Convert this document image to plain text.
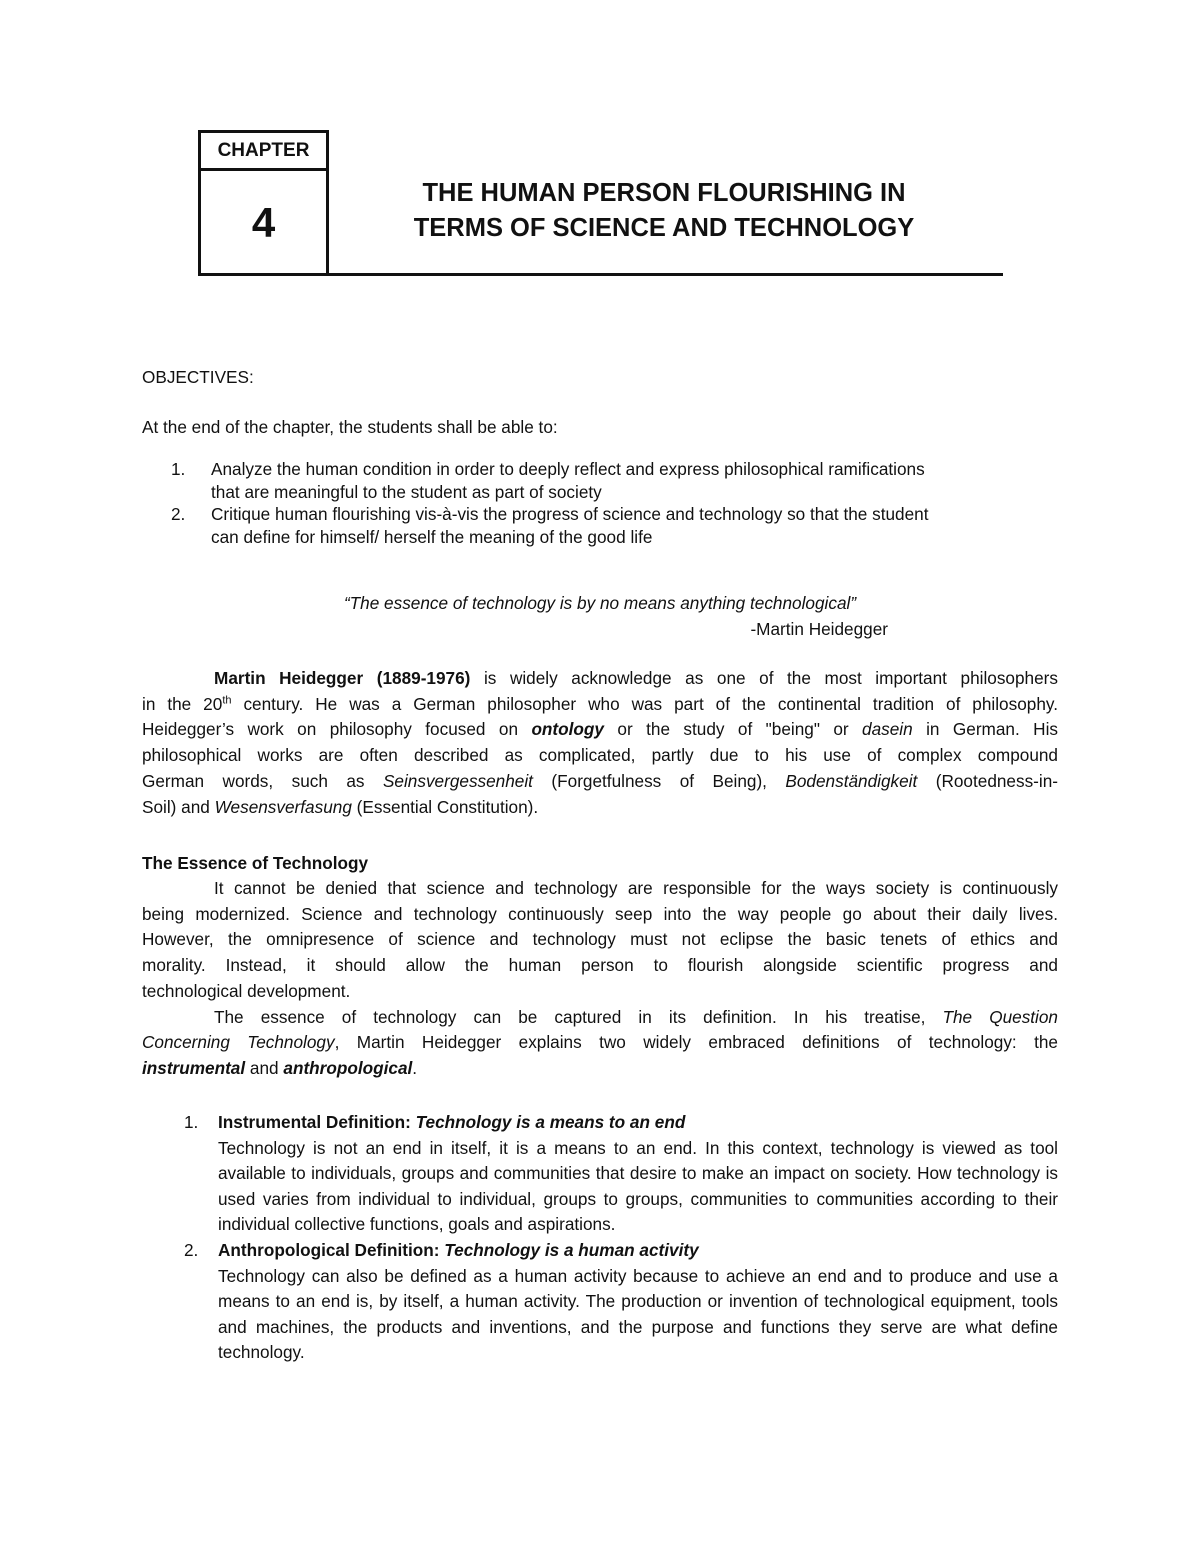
CHAPTER
4
THE HUMAN PERSON FLOURISHING IN
TERMS OF SCIENCE AND TECHNOLOGY
OBJECTIVES:
At the end of the chapter, the students shall be able to:
1. Analyze the human condition in order to deeply reflect and express philosophical ramifications
that are meaningful to the student as part of society
2. Critique human flourishing vis-à-vis the progress of science and technology so that the student
can define for himself/ herself the meaning of the good life
“The essence of technology is by no means anything technological”
-Martin Heidegger
Martin Heidegger (1889-1976) is widely acknowledge as one of the most important philosophers
in the 20th century. He was a German philosopher who was part of the continental tradition of philosophy.
Heidegger’s work on philosophy focused on ontology or the study of "being" or dasein in German. His
philosophical works are often described as complicated, partly due to his use of complex compound
German words, such as Seinsvergessenheit (Forgetfulness of Being), Bodenständigkeit (Rootedness-in-
Soil) and Wesensverfasung (Essential Constitution).
The Essence of Technology
It cannot be denied that science and technology are responsible for the ways society is continuously
being modernized. Science and technology continuously seep into the way people go about their daily lives.
However, the omnipresence of science and technology must not eclipse the basic tenets of ethics and
morality. Instead, it should allow the human person to flourish alongside scientific progress and
technological development.
The essence of technology can be captured in its definition. In his treatise, The Question
Concerning Technology, Martin Heidegger explains two widely embraced definitions of technology: the
instrumental and anthropological.
1. Instrumental Definition: Technology is a means to an end
Technology is not an end in itself, it is a means to an end. In this context, technology is viewed as tool available to individuals, groups and communities that desire to make an impact on society. How technology is used varies from individual to individual, groups to groups, communities to communities according to their individual collective functions, goals and aspirations.
2. Anthropological Definition: Technology is a human activity
Technology can also be defined as a human activity because to achieve an end and to produce and use a means to an end is, by itself, a human activity. The production or invention of technological equipment, tools and machines, the products and inventions, and the purpose and functions they serve are what define technology.
